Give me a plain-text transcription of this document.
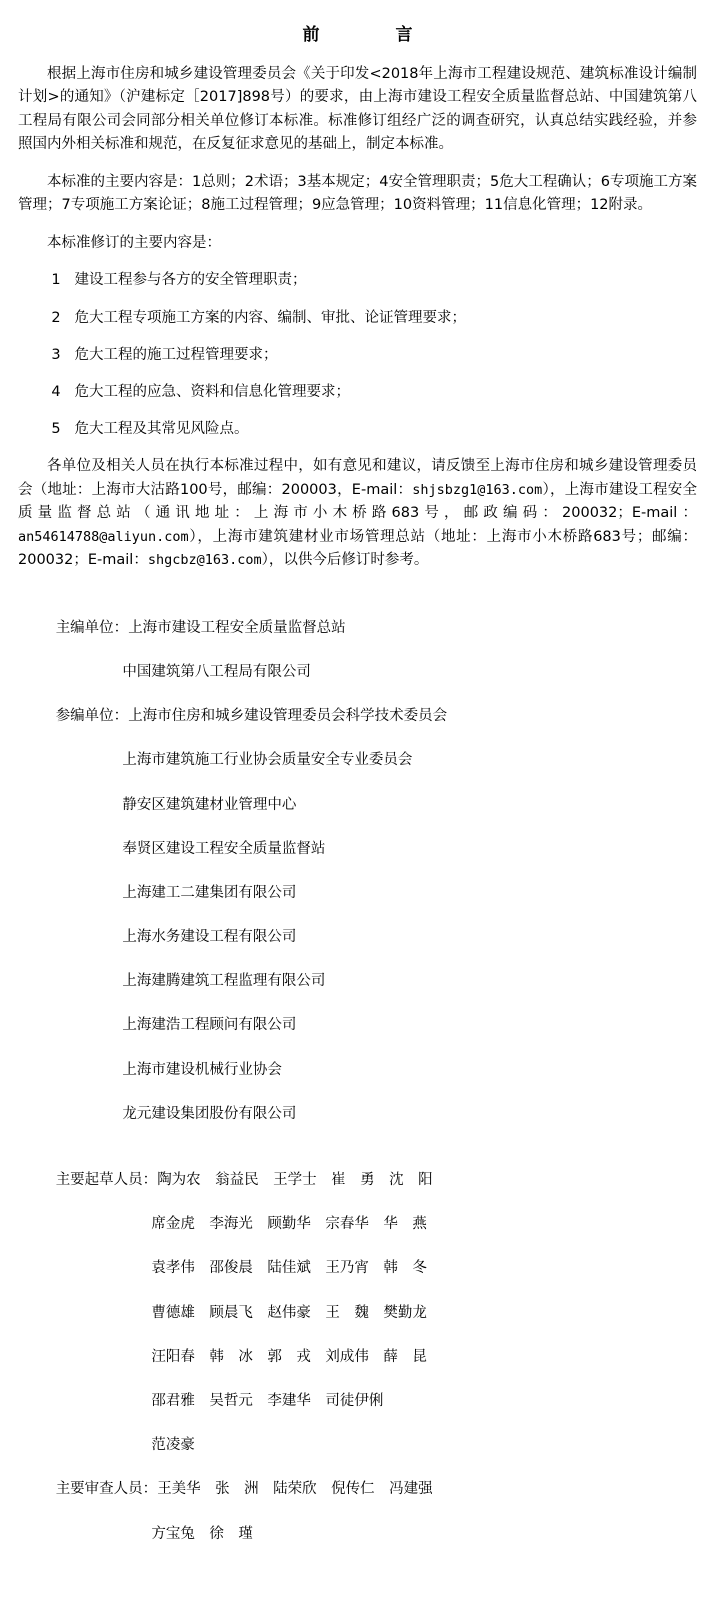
前　　言

根据上海市住房和城乡建设管理委员会《关于印发<2018年上海市工程建设规范、建筑标准设计编制计划>的通知》（沪建标定［2017]898号）的要求，由上海市建设工程安全质量监督总站、中国建筑第八工程局有限公司会同部分相关单位修订本标准。标准修订组经广泛的调查研究，认真总结实践经验，并参照国内外相关标准和规范，在反复征求意见的基础上，制定本标准。

本标准的主要内容是：1总则；2术语；3基本规定；4安全管理职责；5危大工程确认；6专项施工方案管理；7专项施工方案论证；8施工过程管理；9应急管理；10资料管理；11信息化管理；12附录。

本标准修订的主要内容是：

1 建设工程参与各方的安全管理职责；
2 危大工程专项施工方案的内容、编制、审批、论证管理要求；
3 危大工程的施工过程管理要求；
4 危大工程的应急、资料和信息化管理要求；
5 危大工程及其常见风险点。

各单位及相关人员在执行本标准过程中，如有意见和建议，请反馈至上海市住房和城乡建设管理委员会（地址：上海市大沽路100号，邮编：200003，E-mail：shjsbzg1@163.com），上海市建设工程安全质量监督总站（通讯地址：上海市小木桥路683号，邮政编码：200032；E-mail：an54614788@aliyun.com），上海市建筑建材业市场管理总站（地址：上海市小木桥路683号；邮编：200032；E-mail：shgcbz@163.com），以供今后修订时参考。

主编单位：上海市建设工程安全质量监督总站
中国建筑第八工程局有限公司
参编单位：上海市住房和城乡建设管理委员会科学技术委员会
上海市建筑施工行业协会质量安全专业委员会
静安区建筑建材业管理中心
奉贤区建设工程安全质量监督站
上海建工二建集团有限公司
上海水务建设工程有限公司
上海建腾建筑工程监理有限公司
上海建浩工程顾问有限公司
上海市建设机械行业协会
龙元建设集团股份有限公司
主要起草人员：陶为农　翁益民　王学士　崔　勇　沈　阳
席金虎　李海光　顾勤华　宗春华　华　燕
袁孝伟　邵俊晨　陆佳斌　王乃宵　韩　冬
曹德雄　顾晨飞　赵伟豪　王　魏　樊勤龙
汪阳春　韩　冰　郭　戎　刘成伟　薛　昆
邵君雅　吴哲元　李建华　司徒伊俐
范凌豪
主要审查人员：王美华　张　洲　陆荣欣　倪传仁　冯建强
方宝兔　徐　瑾
